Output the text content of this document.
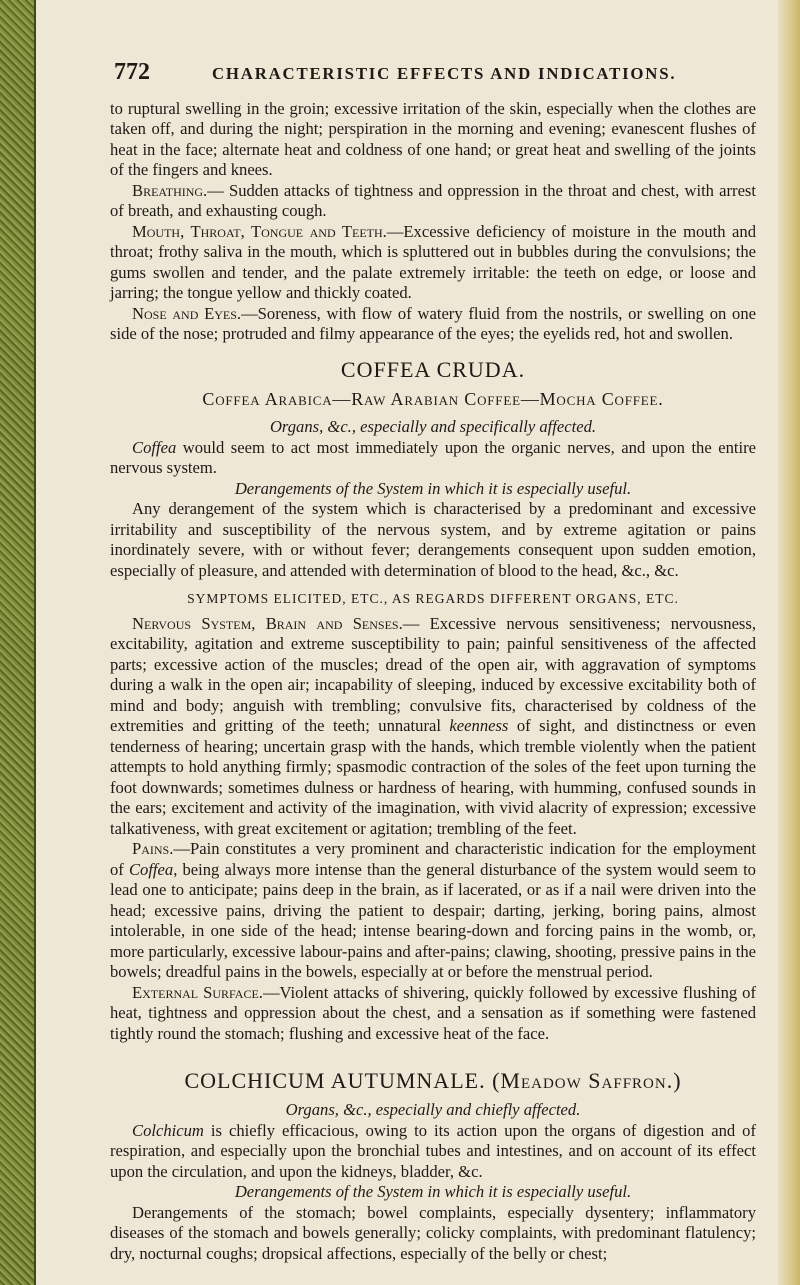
772	CHARACTERISTIC EFFECTS AND INDICATIONS.

to ruptural swelling in the groin; excessive irritation of the skin, especially when the clothes are taken off, and during the night; perspiration in the morning and evening; evanescent flushes of heat in the face; alternate heat and coldness of one hand; or great heat and swelling of the joints of the fingers and knees.

Breathing.— Sudden attacks of tightness and oppression in the throat and chest, with arrest of breath, and exhausting cough.

Mouth, Throat, Tongue and Teeth.—Excessive deficiency of moisture in the mouth and throat; frothy saliva in the mouth, which is spluttered out in bubbles during the convulsions; the gums swollen and tender, and the palate extremely irritable: the teeth on edge, or loose and jarring; the tongue yellow and thickly coated.

Nose and Eyes.—Soreness, with flow of watery fluid from the nostrils, or swelling on one side of the nose; protruded and filmy appearance of the eyes; the eyelids red, hot and swollen.

COFFEA CRUDA.
Coffea Arabica—Raw Arabian Coffee—Mocha Coffee.

Organs, &c., especially and specifically affected.

Coffea would seem to act most immediately upon the organic nerves, and upon the entire nervous system.

Derangements of the System in which it is especially useful.

Any derangement of the system which is characterised by a predominant and excessive irritability and susceptibility of the nervous system, and by extreme agitation or pains inordinately severe, with or without fever; derangements consequent upon sudden emotion, especially of pleasure, and attended with determination of blood to the head, &c., &c.

SYMPTOMS ELICITED, ETC., AS REGARDS DIFFERENT ORGANS, ETC.

Nervous System, Brain and Senses.— Excessive nervous sensitiveness; nervousness, excitability, agitation and extreme susceptibility to pain; painful sensitiveness of the affected parts; excessive action of the muscles; dread of the open air, with aggravation of symptoms during a walk in the open air; incapability of sleeping, induced by excessive excitability both of mind and body; anguish with trembling; convulsive fits, characterised by coldness of the extremities and gritting of the teeth; unnatural keenness of sight, and distinctness or even tenderness of hearing; uncertain grasp with the hands, which tremble violently when the patient attempts to hold anything firmly; spasmodic contraction of the soles of the feet upon turning the foot downwards; sometimes dulness or hardness of hearing, with humming, confused sounds in the ears; excitement and activity of the imagination, with vivid alacrity of expression; excessive talkativeness, with great excitement or agitation; trembling of the feet.

Pains.—Pain constitutes a very prominent and characteristic indication for the employment of Coffea, being always more intense than the general disturbance of the system would seem to lead one to anticipate; pains deep in the brain, as if lacerated, or as if a nail were driven into the head; excessive pains, driving the patient to despair; darting, jerking, boring pains, almost intolerable, in one side of the head; intense bearing-down and forcing pains in the womb, or, more particularly, excessive labour-pains and after-pains; clawing, shooting, pressive pains in the bowels; dreadful pains in the bowels, especially at or before the menstrual period.

External Surface.—Violent attacks of shivering, quickly followed by excessive flushing of heat, tightness and oppression about the chest, and a sensation as if something were fastened tightly round the stomach; flushing and excessive heat of the face.

COLCHICUM AUTUMNALE. (Meadow Saffron.)

Organs, &c., especially and chiefly affected.

Colchicum is chiefly efficacious, owing to its action upon the organs of digestion and of respiration, and especially upon the bronchial tubes and intestines, and on account of its effect upon the circulation, and upon the kidneys, bladder, &c.

Derangements of the System in which it is especially useful.

Derangements of the stomach; bowel complaints, especially dysentery; inflammatory diseases of the stomach and bowels generally; colicky complaints, with predominant flatulency; dry, nocturnal coughs; dropsical affections, especially of the belly or chest;
